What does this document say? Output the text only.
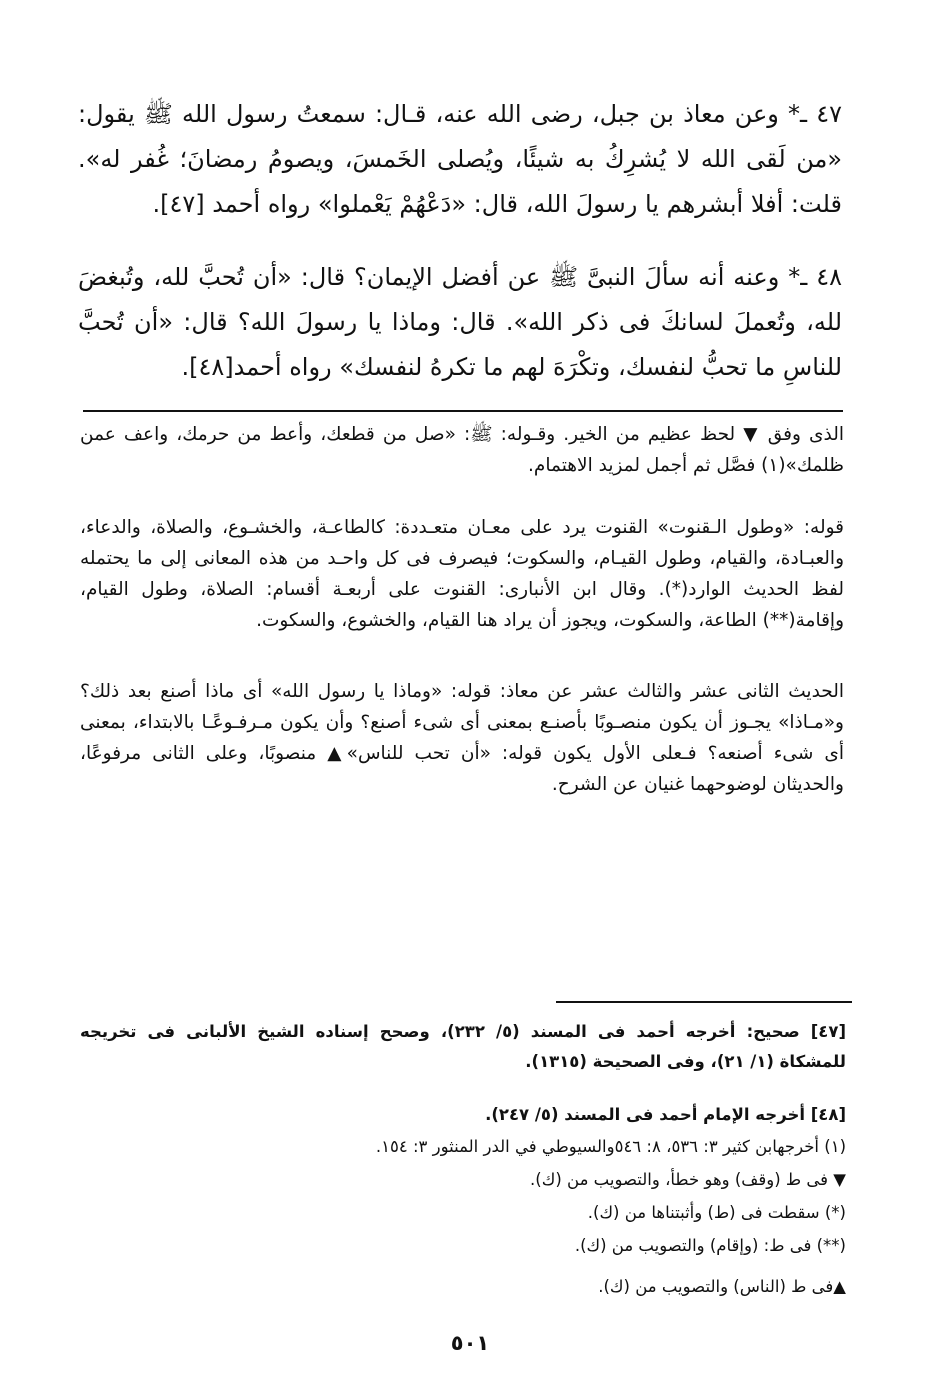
٤٧ ـ* وعن معاذ بن جبل، رضى الله عنه، قـال: سمعتُ رسول الله ﷺ يقول: «من لَقى الله لا يُشرِكُ به شيئًا، ويُصلى الخَمسَ، ويصومُ رمضانَ؛ غُفر له». قلت: أفلا أبشرهم يا رسولَ الله، قال: «دَعْهُمْ يَعْملوا» رواه أحمد [٤٧].

٤٨ ـ* وعنه أنه سألَ النبىَّ ﷺ عن أفضل الإيمان؟ قال: «أن تُحبَّ لله، وتُبغضَ لله، وتُعملَ لسانكَ فى ذكر الله». قال: وماذا يا رسولَ الله؟ قال: «أن تُحبَّ للناسِ ما تحبُّ لنفسك، وتكْرَهَ لهم ما تكرهُ لنفسك» رواه أحمد[٤٨].

الذى وفق ▼ لحظ عظيم من الخير. وقـوله: ﷺ: «صل من قطعك، وأعط من حرمك، واعف عمن ظلمك»(١) فصَّل ثم أجمل لمزيد الاهتمام.

قوله: «وطول الـقنوت» القنوت يرد على معـان متعـددة: كالطاعـة، والخشـوع، والصلاة، والدعاء، والعبـادة، والقيام، وطول القيـام، والسكوت؛ فيصرف فى كل واحـد من هذه المعانى إلى ما يحتمله لفظ الحديث الوارد(*). وقال ابن الأنبارى: القنوت على أربعـة أقسام: الصلاة، وطول القيام، وإقامة(**) الطاعة، والسكوت، ويجوز أن يراد هنا القيام، والخشوع، والسكوت.

الحديث الثانى عشر والثالث عشر عن معاذ: قوله: «وماذا يا رسول الله» أى ماذا أصنع بعد ذلك؟ و«مـاذا» يجـوز أن يكون منصـوبًا بأصنـع بمعنى أى شىء أصنع؟ وأن يكون مـرفـوعًـا بالابتداء، بمعنى أى شىء أصنعه؟ فـعلى الأول يكون قوله: «أن تحب للناس»▲ منصوبًا، وعلى الثانى مرفوعًا، والحديثان لوضوحهما غنيان عن الشرح.

[٤٧] صحيح: أخرجه أحمد فى المسند (٥/ ٢٣٢)، وصحح إسناده الشيخ الألبانى فى تخريجه للمشكاة (١/ ٢١)، وفى الصحيحة (١٣١٥).

[٤٨] أخرجه الإمام أحمد فى المسند (٥/ ٢٤٧).

(١) أخرجهابن كثير ٣: ٥٣٦، ٨: ٥٤٦والسيوطي في الدر المنثور ٣: ١٥٤.

▼ فى ط (وقف) وهو خطأ، والتصويب من (ك).

(*) سقطت فى (ط) وأثبتناها من (ك).

(**) فى ط: (وإقام) والتصويب من (ك).

▲فى ط (الناس) والتصويب من (ك).

٥٠١
